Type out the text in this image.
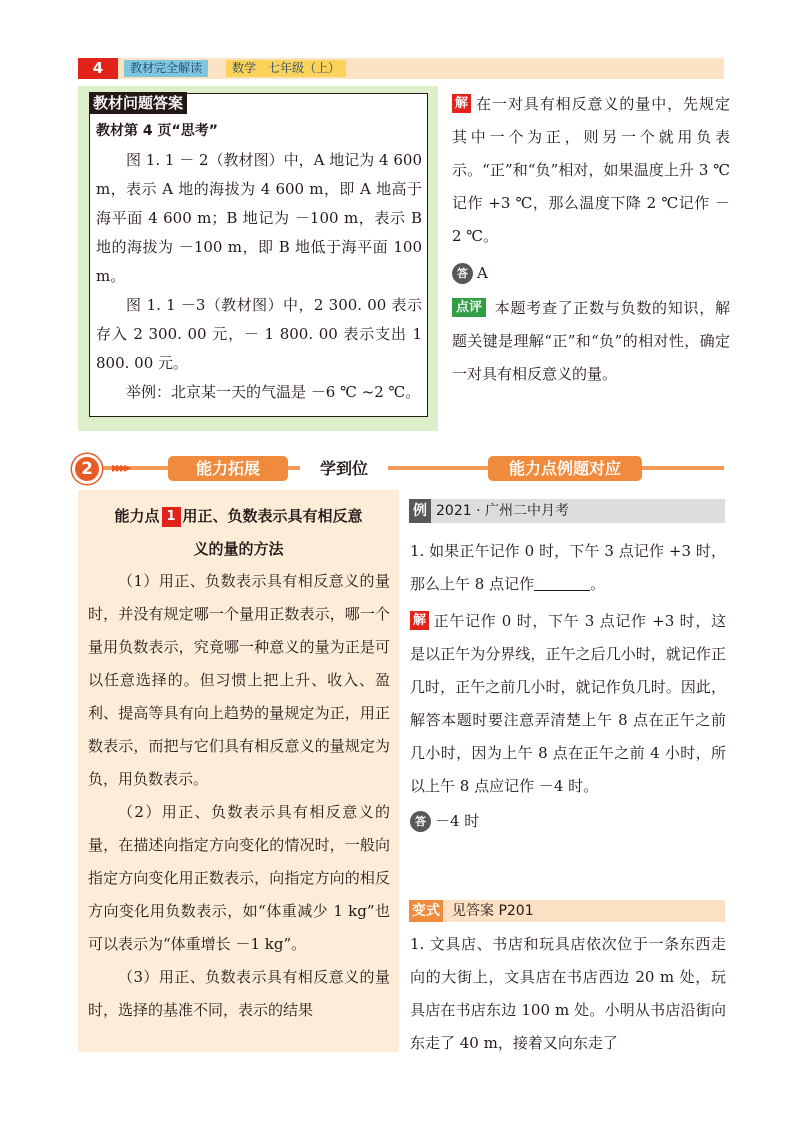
4	教材完全解读	数学　七年级（上）
教材问题答案

教材第 4 页“思考”

图 1. 1 － 2（教材图）中，A 地记为 4 600 m，表示 A 地的海拔为 4 600 m，即 A 地高于海平面 4 600 m；B 地记为 －100 m，表示 B 地的海拔为 －100 m，即 B 地低于海平面 100 m。

图 1. 1 －3（教材图）中，2 300. 00 表示存入 2 300. 00 元，－ 1 800. 00 表示支出 1 800. 00 元。

举例：北京某一天的气温是 －6 ℃ ~2 ℃。

解 在一对具有相反意义的量中，先规定其中一个为正，则另一个就用负表示。“正”和“负”相对，如果温度上升 3 ℃记作 +3 ℃，那么温度下降 2 ℃记作 －2 ℃。
答 A
点评 本题考查了正数与负数的知识，解题关键是理解“正”和“负”的相对性，确定一对具有相反意义的量。
2	▸▸▸▸	能力拓展	学到位	能力点例题对应
能力点 1 用正、负数表示具有相反意
义的量的方法

（1）用正、负数表示具有相反意义的量时，并没有规定哪一个量用正数表示，哪一个量用负数表示，究竟哪一种意义的量为正是可以任意选择的。但习惯上把上升、收入、盈利、提高等具有向上趋势的量规定为正，用正数表示，而把与它们具有相反意义的量规定为负，用负数表示。

（2）用正、负数表示具有相反意义的量，在描述向指定方向变化的情况时，一般向指定方向变化用正数表示，向指定方向的相反方向变化用负数表示，如“体重减少 1 kg”也可以表示为“体重增长 －1 kg”。

（3）用正、负数表示具有相反意义的量时，选择的基准不同，表示的结果

例 2021 · 广州二中月考
1. 如果正午记作 0 时，下午 3 点记作 +3 时，那么上午 8 点记作	。
解 正午记作 0 时，下午 3 点记作 +3 时，这是以正午为分界线，正午之后几小时，就记作正几时，正午之前几小时，就记作负几时。因此，解答本题时要注意弄清楚上午 8 点在正午之前几小时，因为上午 8 点在正午之前 4 小时，所以上午 8 点应记作 －4 时。
答 －4 时
变式 见答案 P201
1. 文具店、书店和玩具店依次位于一条东西走向的大街上，文具店在书店西边 20 m 处，玩具店在书店东边 100 m 处。小明从书店沿街向东走了 40 m，接着又向东走了
